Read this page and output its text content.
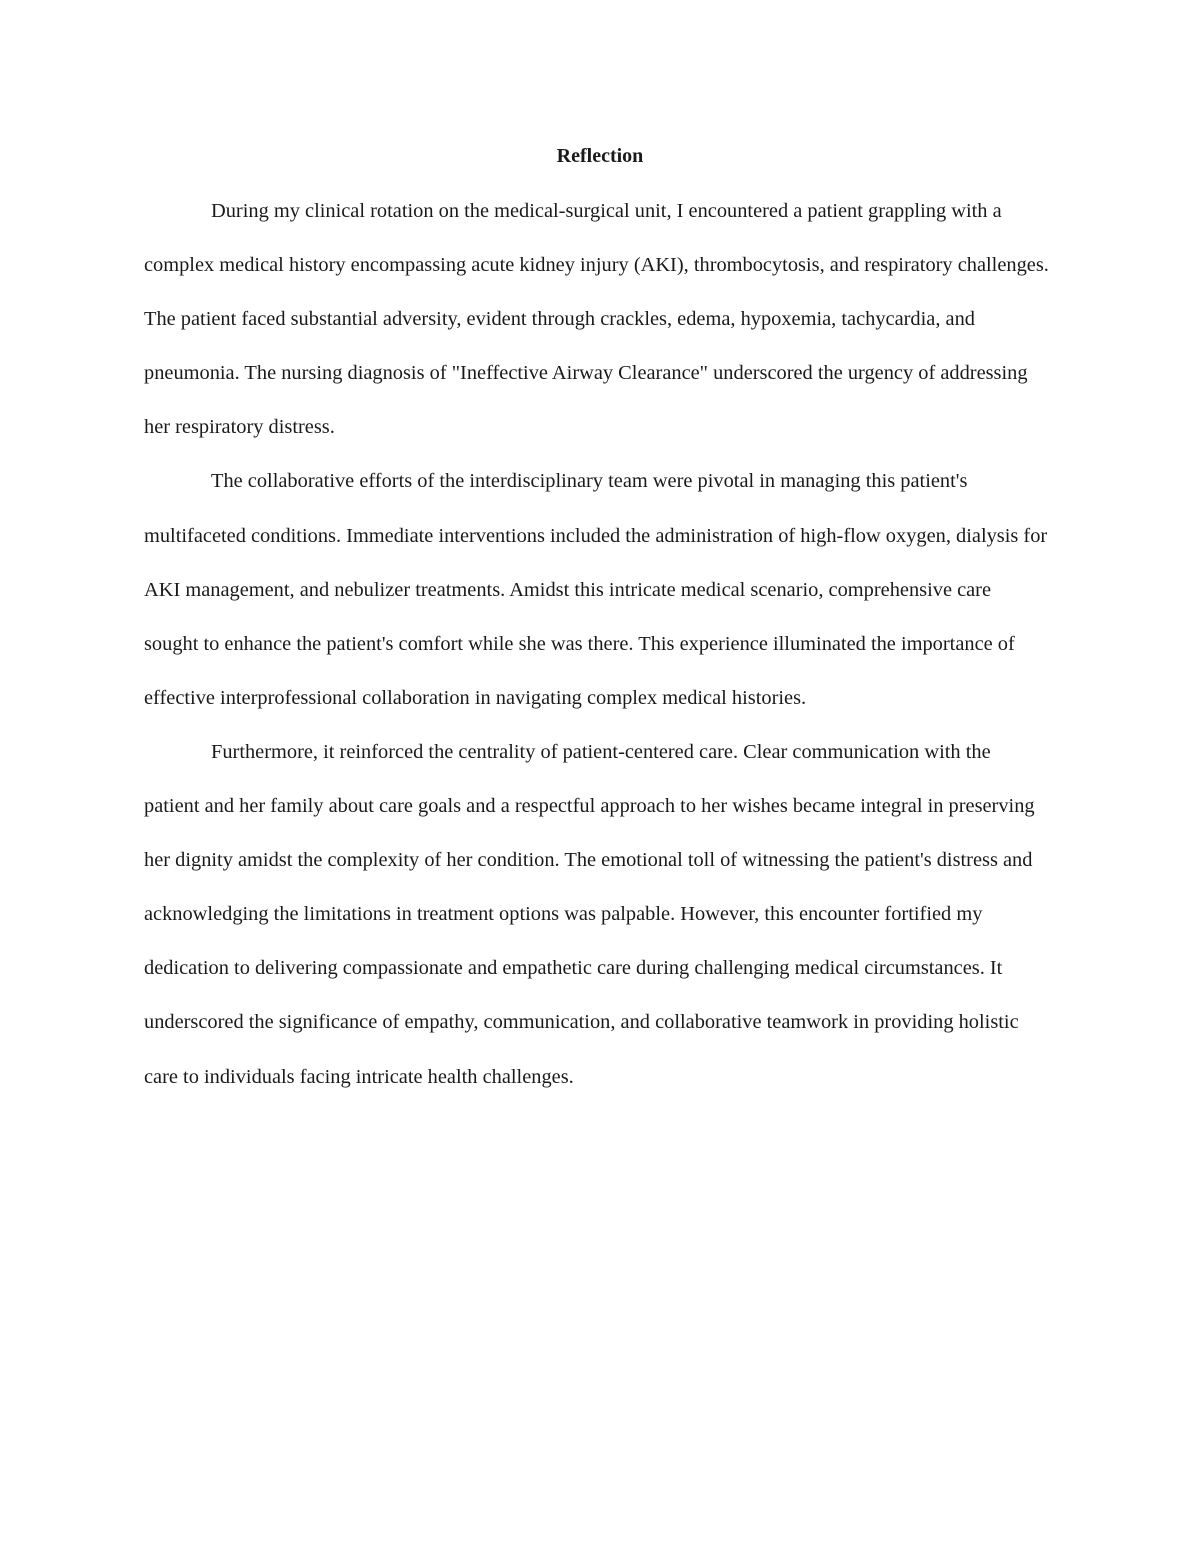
Reflection

During my clinical rotation on the medical-surgical unit, I encountered a patient grappling with a complex medical history encompassing acute kidney injury (AKI), thrombocytosis, and respiratory challenges. The patient faced substantial adversity, evident through crackles, edema, hypoxemia, tachycardia, and pneumonia. The nursing diagnosis of "Ineffective Airway Clearance" underscored the urgency of addressing her respiratory distress.

The collaborative efforts of the interdisciplinary team were pivotal in managing this patient's multifaceted conditions. Immediate interventions included the administration of high-flow oxygen, dialysis for AKI management, and nebulizer treatments. Amidst this intricate medical scenario, comprehensive care sought to enhance the patient's comfort while she was there. This experience illuminated the importance of effective interprofessional collaboration in navigating complex medical histories.

Furthermore, it reinforced the centrality of patient-centered care. Clear communication with the patient and her family about care goals and a respectful approach to her wishes became integral in preserving her dignity amidst the complexity of her condition. The emotional toll of witnessing the patient's distress and acknowledging the limitations in treatment options was palpable. However, this encounter fortified my dedication to delivering compassionate and empathetic care during challenging medical circumstances. It underscored the significance of empathy, communication, and collaborative teamwork in providing holistic care to individuals facing intricate health challenges.
